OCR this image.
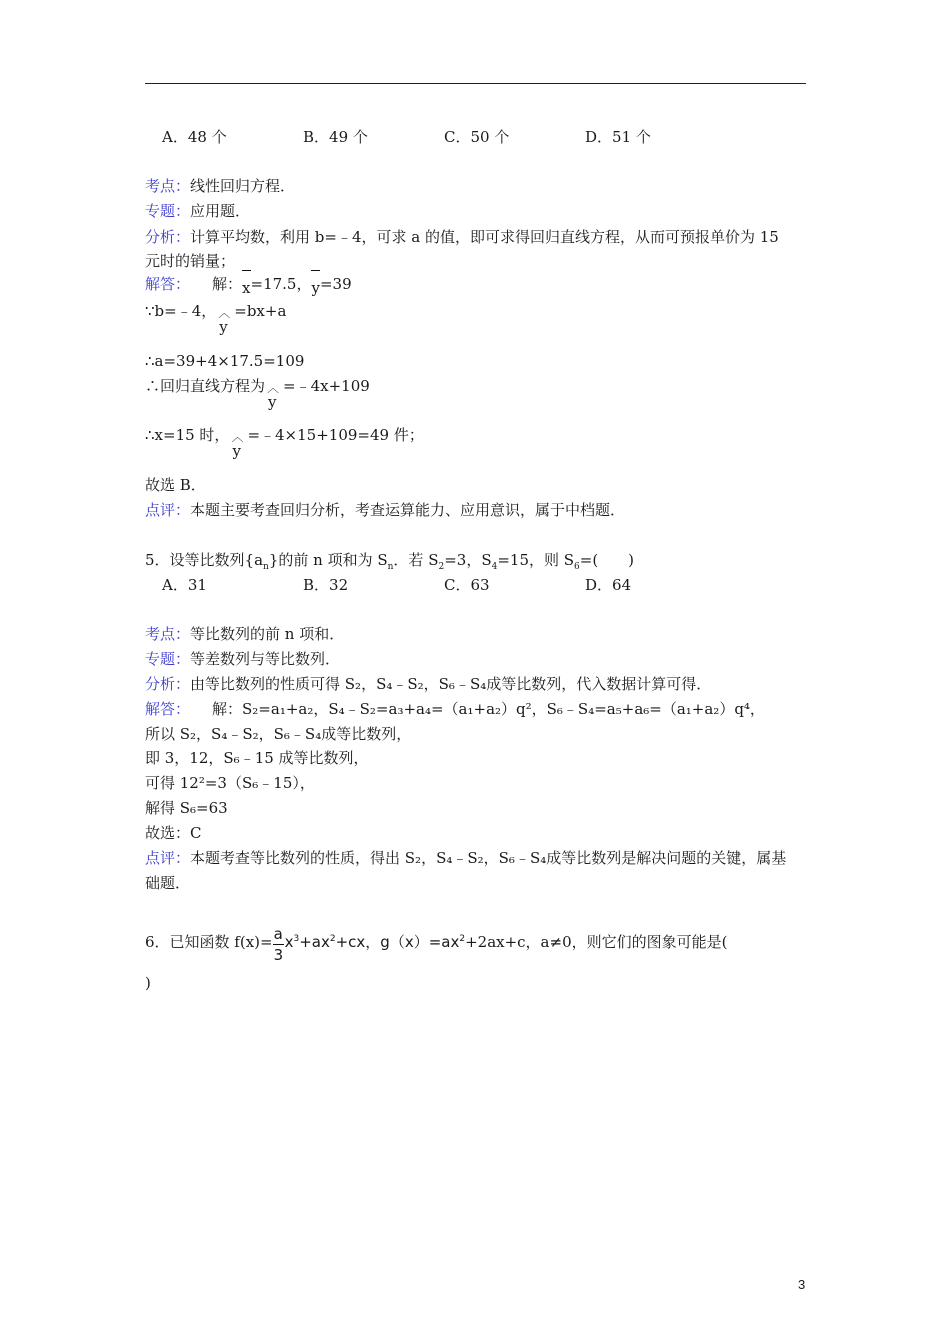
A．48 个	B．49 个	C．50 个	D．51 个
考点：线性回归方程．
专题：应用题．
分析：计算平均数，利用 b=﹣4，可求 a 的值，即可求得回归直线方程，从而可预报单价为 15
元时的销量；
解答： 解：
x=17.5，
y=39
∵b=﹣4， ︿
y
=bx+a
∴a=39+4×17.5=109
∴回归直线方程为 ︿
y
=﹣4x+109
∴x=15 时， ︿
y
=﹣4×15+109=49 件；
故选 B．
点评：本题主要考查回归分析，考查运算能力、应用意识，属于中档题．
5．设等比数列$\{a_n\}$的前 n 项和为 $S_n$．若 $S_2=3$，$S_4=15$，则 $S_6=$(　　)
A．31	B．32	C．63	D．64
考点：等比数列的前 n 项和．
专题：等差数列与等比数列．
分析：由等比数列的性质可得 S₂，S₄﹣S₂，S₆﹣S₄成等比数列，代入数据计算可得．
解答： 解：S₂=a₁+a₂，S₄﹣S₂=a₃+a₄=（a₁+a₂）q²，S₆﹣S₄=a₅+a₆=（a₁+a₂）q⁴，
所以 S₂，S₄﹣S₂，S₆﹣S₄成等比数列，
即 3，12，S₆﹣15 成等比数列，
可得 12²=3（S₆﹣15），
解得 S₆=63
故选：C
点评：本题考查等比数列的性质，得出 S₂，S₄﹣S₂，S₆﹣S₄成等比数列是解决问题的关键，属基
础题．
6．已知函数 $f(x)= \frac{a}{3} x^3+ax^2+cx$，$g(x)=ax^2+2ax+c$，a≠0，则它们的图象可能是(
)
3
